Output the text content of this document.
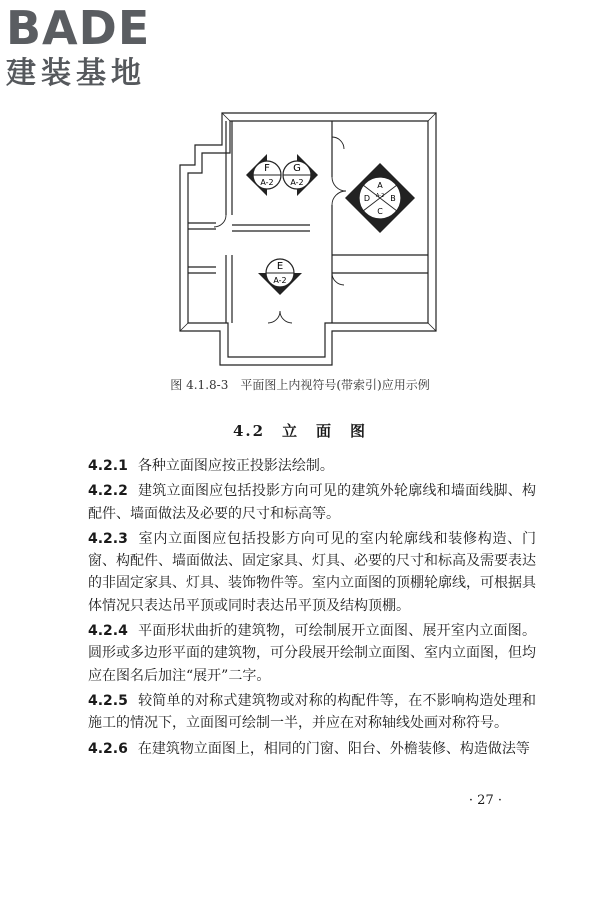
BADE
建装基地
F
A-2
G
A-2
E
A-2
A
B
C
D A-2
图 4.1.8-3　平面图上内视符号(带索引)应用示例
4.2　立　面　图

4.2.1 各种立面图应按正投影法绘制。

4.2.2 建筑立面图应包括投影方向可见的建筑外轮廓线和墙面线脚、构配件、墙面做法及必要的尺寸和标高等。

4.2.3 室内立面图应包括投影方向可见的室内轮廓线和装修构造、门窗、构配件、墙面做法、固定家具、灯具、必要的尺寸和标高及需要表达的非固定家具、灯具、装饰物件等。室内立面图的顶棚轮廓线，可根据具体情况只表达吊平顶或同时表达吊平顶及结构顶棚。

4.2.4 平面形状曲折的建筑物，可绘制展开立面图、展开室内立面图。圆形或多边形平面的建筑物，可分段展开绘制立面图、室内立面图，但均应在图名后加注“展开”二字。

4.2.5 较简单的对称式建筑物或对称的构配件等，在不影响构造处理和施工的情况下，立面图可绘制一半，并应在对称轴线处画对称符号。

4.2.6 在建筑物立面图上，相同的门窗、阳台、外檐装修、构造做法等

· 27 ·
